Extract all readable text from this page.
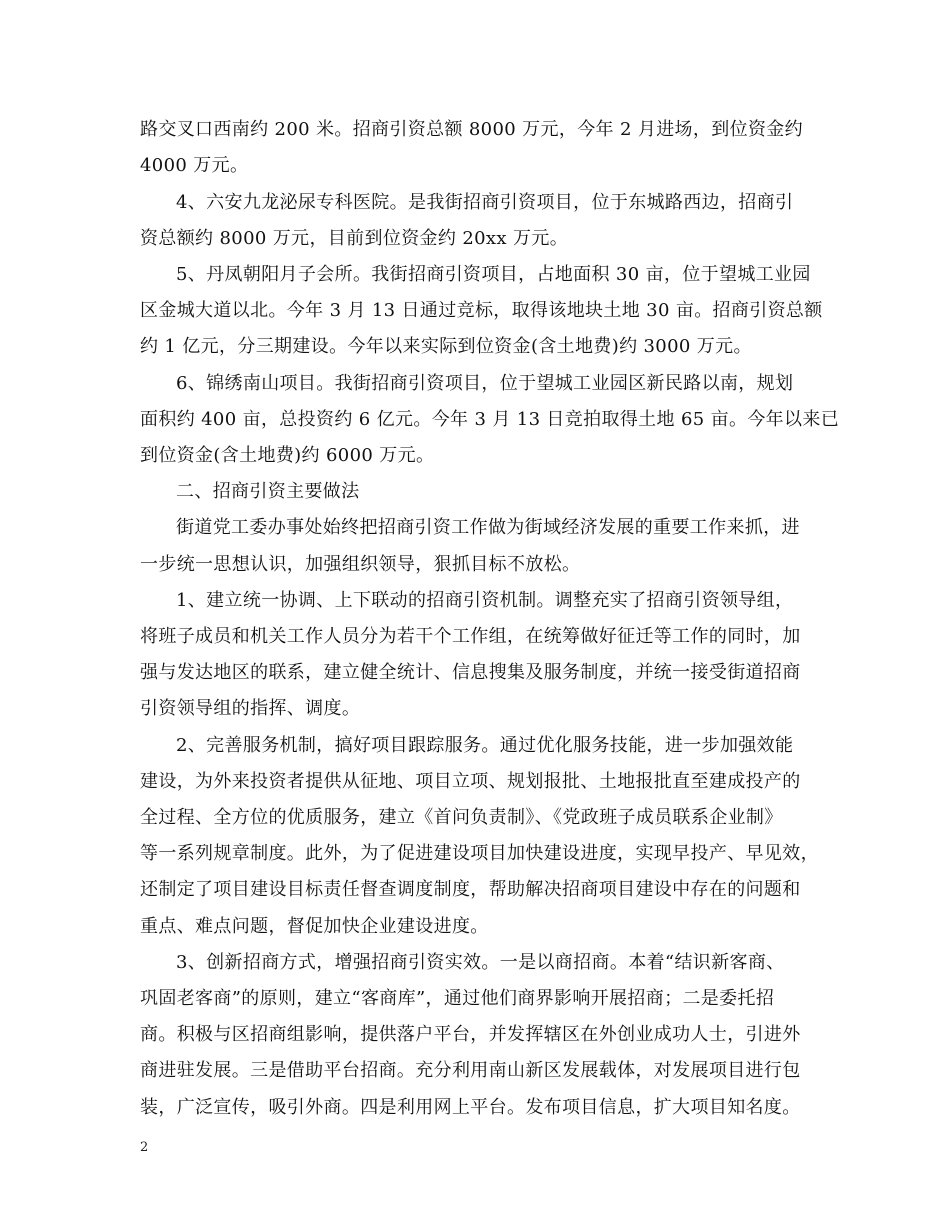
路交叉口西南约 200 米。招商引资总额 8000 万元，今年 2 月进场，到位资金约
4000 万元。
4、六安九龙泌尿专科医院。是我街招商引资项目，位于东城路西边，招商引
资总额约 8000 万元，目前到位资金约 20xx 万元。
5、丹凤朝阳月子会所。我街招商引资项目，占地面积 30 亩，位于望城工业园
区金城大道以北。今年 3 月 13 日通过竞标，取得该地块土地 30 亩。招商引资总额
约 1 亿元，分三期建设。今年以来实际到位资金(含土地费)约 3000 万元。
6、锦绣南山项目。我街招商引资项目，位于望城工业园区新民路以南，规划
面积约 400 亩，总投资约 6 亿元。今年 3 月 13 日竞拍取得土地 65 亩。今年以来已
到位资金(含土地费)约 6000 万元。
二、招商引资主要做法
街道党工委办事处始终把招商引资工作做为街域经济发展的重要工作来抓，进
一步统一思想认识，加强组织领导，狠抓目标不放松。
1、建立统一协调、上下联动的招商引资机制。调整充实了招商引资领导组，
将班子成员和机关工作人员分为若干个工作组，在统筹做好征迁等工作的同时，加
强与发达地区的联系，建立健全统计、信息搜集及服务制度，并统一接受街道招商
引资领导组的指挥、调度。
2、完善服务机制，搞好项目跟踪服务。通过优化服务技能，进一步加强效能
建设，为外来投资者提供从征地、项目立项、规划报批、土地报批直至建成投产的
全过程、全方位的优质服务，建立《首问负责制》、《党政班子成员联系企业制》
等一系列规章制度。此外，为了促进建设项目加快建设进度，实现早投产、早见效，
还制定了项目建设目标责任督查调度制度，帮助解决招商项目建设中存在的问题和
重点、难点问题，督促加快企业建设进度。
3、创新招商方式，增强招商引资实效。一是以商招商。本着“结识新客商、
巩固老客商”的原则，建立“客商库”，通过他们商界影响开展招商；二是委托招
商。积极与区招商组影响，提供落户平台，并发挥辖区在外创业成功人士，引进外
商进驻发展。三是借助平台招商。充分利用南山新区发展载体，对发展项目进行包
装，广泛宣传，吸引外商。四是利用网上平台。发布项目信息，扩大项目知名度。
2
